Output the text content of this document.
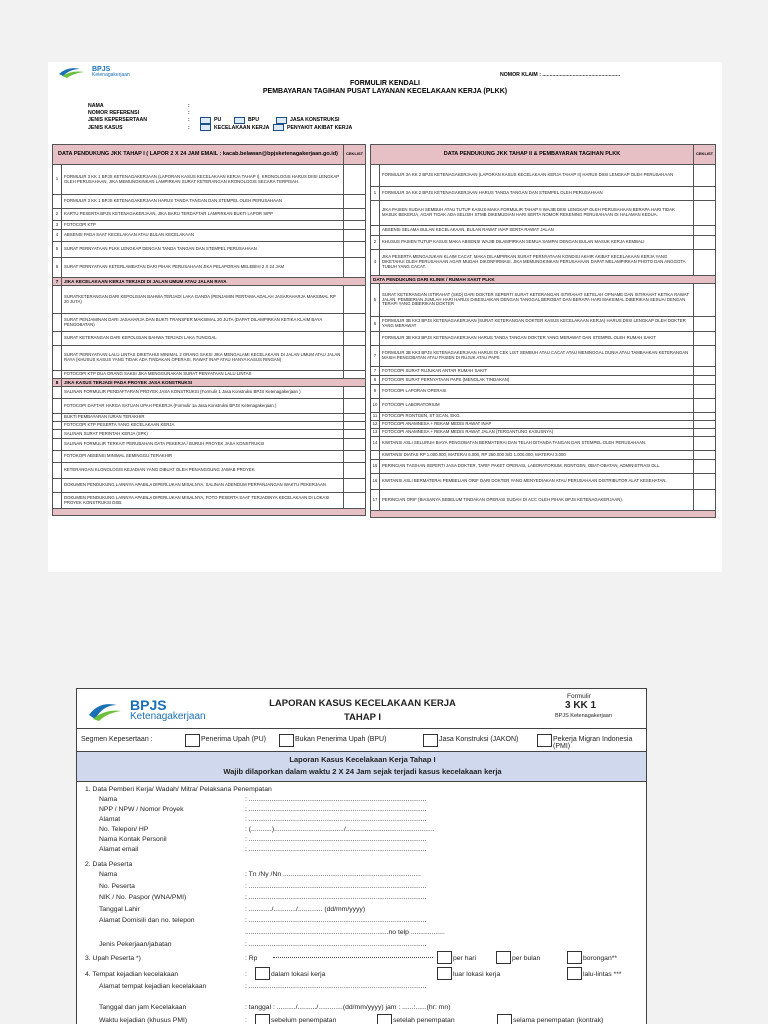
BPJS
Ketenagakerjaan	NOMOR KLAIM : ......................................................
FORMULIR KENDALI
PEMBAYARAN TAGIHAN PUSAT LAYANAN KECELAKAAN KERJA (PLKK)
NAMA	:
NOMOR REFERENSI	:
JENIS KEPERSERTAAN	:	PU	BPU	JASA KONSTRUKSI
JENIS KASUS	:	KECELAKAAN KERJA	PENYAKIT AKIBAT KERJA
DATA PENDUKUNG JKK TAHAP I ( LAPOR 2 X 24 JAM EMAIL : kacab.belawan@bpjsketenagakerjaan.go.id)		CEKLIST
1	FORMULIR 3 KK 1 BPJS KETENAGAKERJAAN (LAPORAN KASUS KECELAKAAN KERJA TAHAP I), KRONOLOGIS HARUS DIISI LENGKAP OLEH PERUSAHAAN, JIKA MEMUNGKINKAN LAMPIRKAN SURAT KETERANGAN KRONOLOGIS SECARA TERPISAH.	
	FORMULIR 3 KK 1 BPJS KETENAGAKERJAAN HARUS TANDA TANGAN DAN STEMPEL OLEH PERUSAHAAN	
2	KARTU PESERTA BPJS KETENAGAKERJAAN, JIKA BARU TERDAFTAR LAMPIRKAN BUKTI LAPOR SIPP	
3	FOTOCOPI KTP	
4	ABSENSI PADA SAAT KECELAKAAN ATAU BULAN KECELAKAAN	
5	SURAT PERNYATAAN PLKK LENGKAP DENGAN TANDA TANGAN DAN STEMPEL PERUSAHAAN	
6	SURAT PERNYATAAN KETERLAMBATAN DARI PIHAK PERUSAHAAN JIKA PELAPORAN MELEBIHI 2 X 24 JAM	
7	JIKA KECELAKAAN KERJA TERJADI DI JALAN UMUM ATAU JALAN RAYA	
	SURATKETERANGAN DARI KEPOLISIAN BAHWA TERJADI LAKA GANDA (PENJAMIN PERTAMA ADALAH JASARAHARJA MAKSIMAL RP 20 JUTA)	
	SURAT PENJAMINAN DARI JASAHARJA DAN BUKTI TRANSFER MAKSIMAL 20 JUTA (DAPAT DILAMPIRKAN KETIKA KLAIM BAYA PENGOBATAN)	
	SURAT KETERANGAN DARI KEPOLISIAN BAHWA TERJADI LAKA TUNGGAL	
	SURAT PERNYATAAN LALU LINTAS DIKETAHUI MINIMAL 2 ORANG SAKSI JIKA MENGALAMI KECELAKAAN DI JALAN UMUM ATAU JALAN RAYA (KHUSUS KASUS YANG TIDAK ADA TINDAKAN OPERASI, RAWAT INAP ATAU HANYA KASUS RINGAN)	
	FOTOCOPI KTP DUA ORANG SAKSI JIKA MENGGUNAKAN SURAT PENYATAAN LALU LINTAS	
8	JIKA KASUS TERJADI PADA PROYEK JASA KONSTRUKSI	
	SALINAN FORMULIR PENDAFTARAN PROYEK JASA KONSTRUKSI (Formulir 1 Jasa Konstruksi BPJS Ketenagakerjaan )	
	FOTOCOPI DAFTAR HARGA SATUAN UPAH PEKERJA (Formulir 1a Jasa Konstruksi BPJS Ketenagakerjaan )	
	BUKTI PEMBAYARAN IURAN TERAKHIR	
	FOTOCOPI KTP PESERTA YANG KECELAKAAN KERJA	
	SALINAN SURAT PERINTAH KERJA (SPK)	
	SALINAN FORMULIR TERKAIT PERUBAHAN DATA PEKERJA / BURUH PROYEK JASA KONSTRUKSI	
	FOTOKOPI ABSENSI MINIMAL SEMINGGU TERAKHIR	
	KETERANGAN KLONOLOGIS KEJADIAN YANG DIBUAT OLEH PENANGGUNG JAWAB PROYEK	
	DOKUMEN PENDUKUNG LAINNYA APABILA DIPERLUKAN MISALNYA, SALINAN ADENDUM PERPANJANGAN WAKTU PEKERJAAN	
	DOKUMEN PENDUKUNG LAINNYA APABILA DIPERLUKAN MISALNYA, FOTO PESERTA SAAT TERJADINYA KECELAKAAN DI LOKASI PROYEK KONSTRUKSI DSB.	

DATA PENDUKUNG JKK TAHAP II & PEMBAYARAN TAGIHAN PLKK		CEKLIST
	FORMULIR 3A KK 2 BPJS KETENAGAKERJAAN (LAPORAN KASUS KECELAKAAN KERJA TAHAP II) HARUS DIISI LENGKAP OLEH PERUSAHAAN	
1	FORMULIR 3A KK 2 BPJS KETENAGAKERJAAN HARUS TANDA TANGAN DAN STEMPEL OLEH PERUSAHAAN	
	JIKA PASIEN SUDAH SEMBUH ATAU TUTUP KASUS MAKA FORMULIR TAHAP II WAJIB DIISI LENGKAP OLEH PERUSAHAAN BERAPA HARI TIDAK MASUK BEKERJA, AGAR TIDAK ADA SELISIH STMB DIKEMUDIAN HARI SERTA NOMOR REKENING PERUSAHAAN DI HALAMAN KEDUA.	
	ABSENSI SELAMA BULAN KECELAKAAN, BULAN RAWAT INAP SERTA RAWAT JALAN	
2	KHUSUS PASIEN TUTUP KASUS MAKA ABSENSI WAJIB DILAMPIRKAN SEMUA SAMPAI DENGAN BULAN MASUK KERJA KEMBALI	
4	JIKA PESERTA MENGAJUKAN KLAIM CACAT, MAKA DILAMPIRKAN SURAT PERNYATAAN KONDISI AKHIR AKIBAT KECELAKAAN KERJA YANG DIKETAHUI OLEH PERUSAHAAN AGAR MUDAH DIKONFIRMASI. JIKA MEMUNGKINKAN PERUSAHAAN DAPAT MELAMPIRKAN PHOTO DAN ANGGOTA TUBUH YANG CACAT.	
DATA PENDUKUNG DARI KLINIK / RUMAH SAKIT PLKK		
5	SURAT KETERANGAN ISTIRAHAT (SKD) DARI DOKTER SEPERTI SURAT KETERANGAN ISTIRAHAT SETELAH OPNAME DAN ISTIRAHAT KETIKA RAWAT JALAN. PEMBERIAN JUMLAH HARI HARUS DISESUAIKAN DENGAN TANGGAL BEROBAT DAN BERAPA HARI MAKSIMAL DIBERIKAN SESUAI DENGAN TERAPI YANG DIBERIKAN DOKTER	
6	FORMULIR 3B KK3 BPJS KETENAGAKERJAAN (SURAT KETERANGAN DOKTER KASUS KECELAKAAN KERJA) HARUS DIISI LENGKAP OLEH DOKTER YANG MERAWAT	
	FORMULIR 3B KK3 BPJS KETENAGAKERJAAN HARUS TANDA TANGAN DOKTER YANG MERAWAT DAN STEMPEL OLEH RUMAH SAKIT	
7	FORMULIR 3B KK3 BPJS KETENAGAKERJAAN HARUS DI CEK LIST SEMBUH ATAU CACAT ATAU MENINGGAL DUNIA ATAU TAMBAHKAN KETERANGAN MASIH PENGOBATAN ATAU PASIEN DI RUJUK ATAU PAPS	
7	FOTOCOPI SURAT RUJUKAN ANTAR RUMAH SAKIT	
8	FOTOCOPI SURAT PERNYATAAN PAPS (MENOLAK TINDAKAN)	
9	FOTOCOPI LAPORAN OPERASI	
10	FOTOCOPI LABORATORIUM	
11	FOTOCOPI RONTGEN, ST SCAN, EKG.	
12	FOTOCOPI ANAMNESA + REKAM MEDIS RAWAT INAP	
13	FOTOCOPI ANAMNESA + REKAM MEDIS RAWAT JALAN (TERGANTUNG KASUSNYA)	
14	KWITANSI ASLI SELURUH BIAYA PENGOBATAN BERMATERAI DAN TELAH DITANDA TANGAN DAN STEMPEL OLEH PERUSAHAAN.	
	KWITANSI DIATAS RP 1.000.000, MATERAI 6.000, RP 250.000 S/D 1.000.000, MATERAI 3.000	
15	PERINCIAN TAGIHAN SEPERTI JASA DOKTER, TARIF PAKET OPERASI, LABORATORIUM, RONTGEN, OBAT-OBATAN, ADMINISTRASI DLL.	
16	KWITANSI ASLI BERMATERAI PEMBELIAN ORIF DARI DOKTER YANG MENYEDIAKAN ATAU PERUSAHAAN DISTRIBUTOR ALAT KESEHATAN.	
17	PERINCIAN ORIF (BIASANYA SEBELUM TINDAKAN OPERASI SUDAH DI ACC OLEH PIHAK BPJS KETENAGAKERJAAN).	

BPJS
Ketenagakerjaan
LAPORAN KASUS KECELAKAAN KERJA
TAHAP I
Formulir
3 KK 1
BPJS Ketenagakerjaan
Segmen Kepesertaan :	Penerima Upah (PU)	Bukan Penerima Upah (BPU)	Jasa Konstruksi (JAKON)	Pekerja Migran Indonesia (PMI)
Laporan Kasus Kecelakaan Kerja Tahap I
Wajib dilaporkan dalam waktu 2 X 24 Jam sejak terjadi kasus kecelakaan kerja
1. Data Pemberi Kerja/ Wadah/ Mitra/ Pelaksana Penempatan
Nama	: ..............................................................................................
NPP / NPW / Nomor Proyek	: ..............................................................................................
Alamat	: ..............................................................................................
No. Telepon/ HP	: (...........)...................................../...............................................
Nama Kontak Personil	: ..............................................................................................
Alamat email	: ..............................................................................................
2. Data Peserta
Nama	: Tn /Ny /Nn .........................................................................
No. Peserta	: ..............................................................................................
NIK / No. Paspor (WNA/PMI)	: ..............................................................................................
Tanggal Lahir	: ............/............/............. (dd/mm/yyyy)
Alamat Domisili dan no. telepon	: ..............................................................................................
............................................................................no telp ..................
Jenis Pekerjaan/jabatan	: ..............................................................................................
3. Upah Peserta *)	: Rp	per hari	per bulan	borongan**
4. Tempat kejadian kecelakaan	:	dalam lokasi kerja	luar lokasi kerja	lalu-lintas ***
Alamat tempat kejadian kecelakaan	: ..............................................................................................
Tanggal dan jam Kecelakaan	: tanggal : ........../........../.............(dd/mm/yyyy) jam : ......:......(hr: mn)
Waktu kejadian (khusus PMI)	:	sebelum penempatan	setelah penempatan	selama penempatan (kontrak)
